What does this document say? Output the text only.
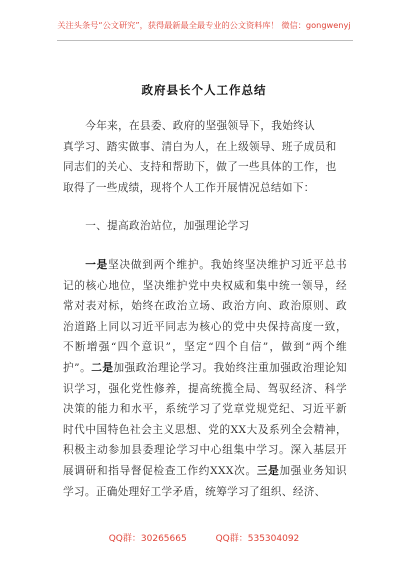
关注头条号“公文研究”，获得最新最全最专业的公文资料库！ 微信：gongwenyj
政府县长个人工作总结
今年来，在县委、政府的坚强领导下，我始终认
真学习、踏实做事、清白为人，在上级领导、班子成员和
同志们的关心、支持和帮助下，做了一些具体的工作，也
取得了一些成绩，现将个人工作开展情况总结如下：

一、提高政治站位，加强理论学习

一是坚决做到两个维护。我始终坚决维护习近平总书记的核心地位，坚决维护党中央权威和集中统一领导，经常对表对标，始终在政治立场、政治方向、政治原则、政治道路上同以习近平同志为核心的党中央保持高度一致，不断增强“四个意识”，坚定“四个自信”，做到“两个维护”。二是加强政治理论学习。我始终注重加强政治理论知识学习，强化党性修养，提高统揽全局、驾驭经济、科学决策的能力和水平，系统学习了党章党规党纪、习近平新时代中国特色社会主义思想、党的XX大及系列全会精神，积极主动参加县委理论学习中心组集中学习。深入基层开展调研和指导督促检查工作约XXX次。三是加强业务知识学习。正确处理好工学矛盾，统筹学习了组织、经济、

QQ群：30265665	QQ群：535304092
